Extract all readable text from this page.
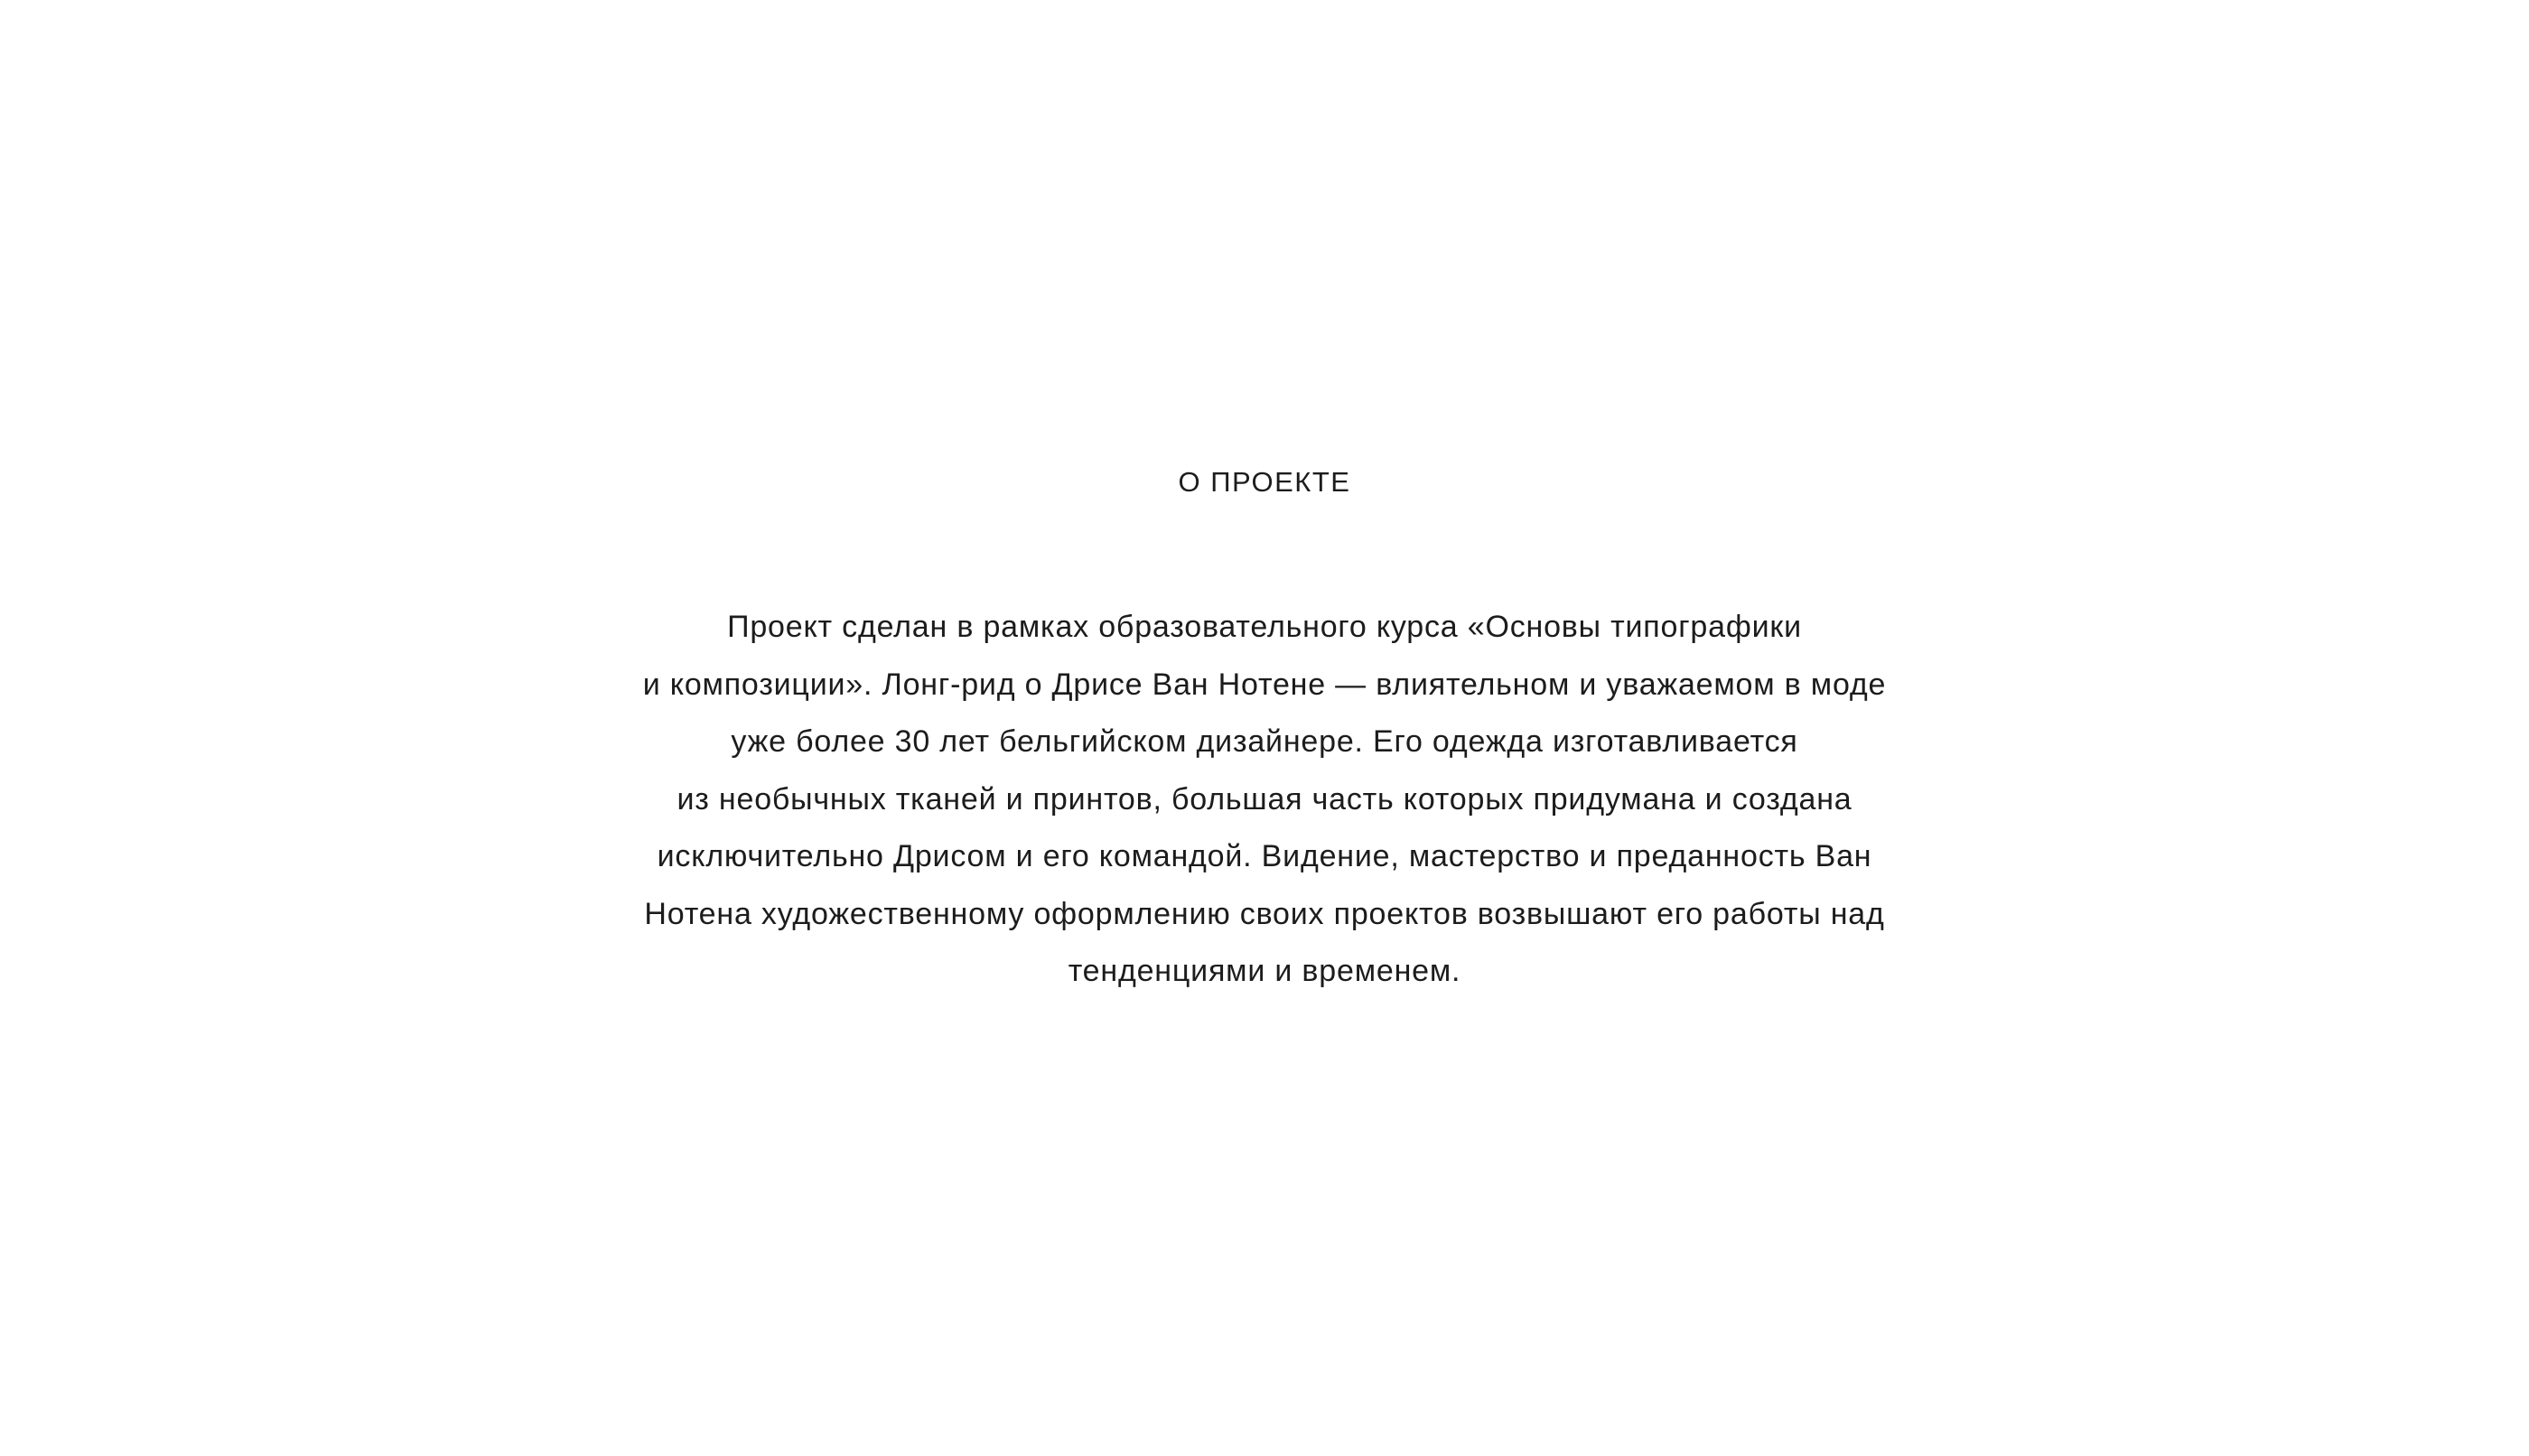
О ПРОЕКТЕ
Проект сделан в рамках образовательного курса «Основы типографики
и композиции». Лонг-рид о Дрисе Ван Нотене — влиятельном и уважаемом в моде
уже более 30 лет бельгийском дизайнере. Его одежда изготавливается
из необычных тканей и принтов, большая часть которых придумана и создана
исключительно Дрисом и его командой. Видение, мастерство и преданность Ван
Нотена художественному оформлению своих проектов возвышают его работы над
тенденциями и временем.
